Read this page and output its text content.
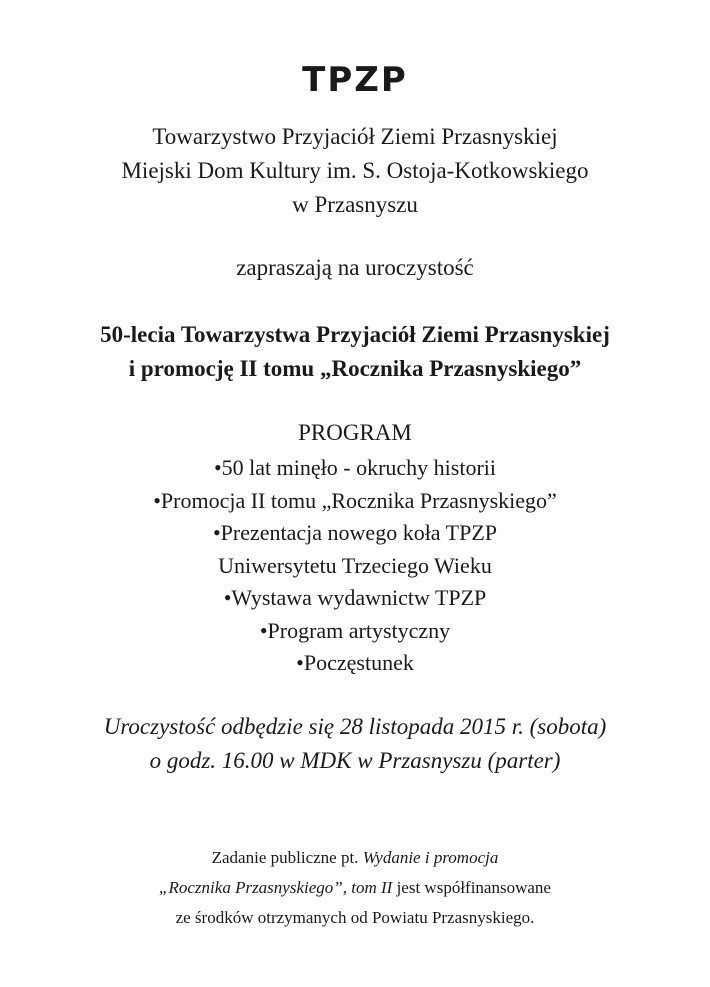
TPZP
Towarzystwo Przyjaciół Ziemi Przasnyskiej
Miejski Dom Kultury im. S. Ostoja-Kotkowskiego
w Przasnyszu
zapraszają na uroczystość
50-lecia Towarzystwa Przyjaciół Ziemi Przasnyskiej
i promocję II tomu „Rocznika Przasnyskiego”
PROGRAM
•50 lat minęło - okruchy historii
•Promocja II tomu „Rocznika Przasnyskiego”
•Prezentacja nowego koła TPZP
Uniwersytetu Trzeciego Wieku
•Wystawa wydawnictw TPZP
•Program artystyczny
•Poczęstunek
Uroczystość odbędzie się 28 listopada 2015 r. (sobota)
o godz. 16.00 w MDK w Przasnyszu (parter)
Zadanie publiczne pt. Wydanie i promocja
„Rocznika Przasnyskiego”, tom II jest współfinansowane
ze środków otrzymanych od Powiatu Przasnyskiego.
